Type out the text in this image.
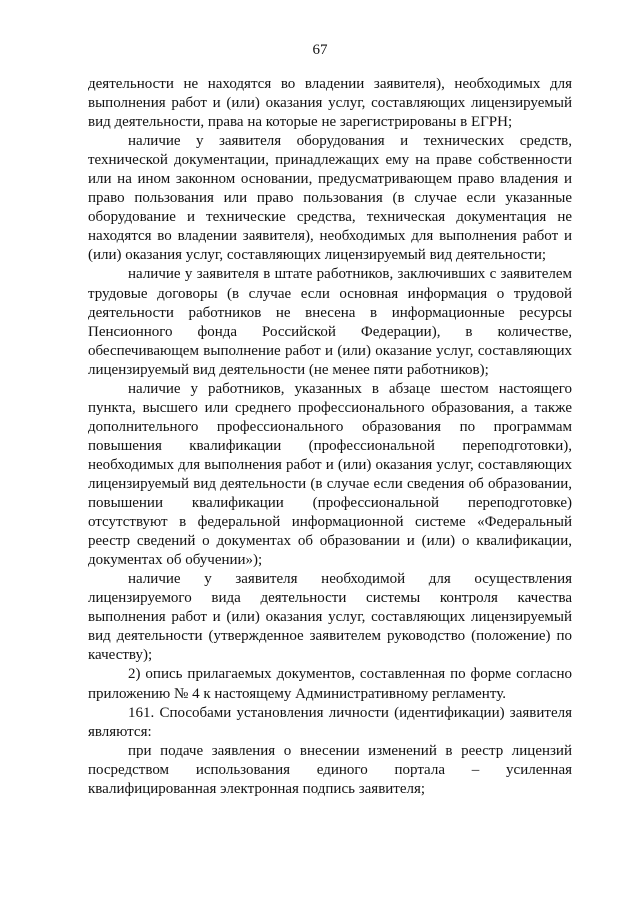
67

деятельности не находятся во владении заявителя), необходимых для выполнения работ и (или) оказания услуг, составляющих лицензируемый вид деятельности, права на которые не зарегистрированы в ЕГРН;

наличие у заявителя оборудования и технических средств, технической документации, принадлежащих ему на праве собственности или на ином законном основании, предусматривающем право владения и право пользования или право пользования (в случае если указанные оборудование и технические средства, техническая документация не находятся во владении заявителя), необходимых для выполнения работ и (или) оказания услуг, составляющих лицензируемый вид деятельности;

наличие у заявителя в штате работников, заключивших с заявителем трудовые договоры (в случае если основная информация о трудовой деятельности работников не внесена в информационные ресурсы Пенсионного фонда Российской Федерации), в количестве, обеспечивающем выполнение работ и (или) оказание услуг, составляющих лицензируемый вид деятельности (не менее пяти работников);

наличие у работников, указанных в абзаце шестом настоящего пункта, высшего или среднего профессионального образования, а также дополнительного профессионального образования по программам повышения квалификации (профессиональной переподготовки), необходимых для выполнения работ и (или) оказания услуг, составляющих лицензируемый вид деятельности (в случае если сведения об образовании, повышении квалификации (профессиональной переподготовке) отсутствуют в федеральной информационной системе «Федеральный реестр сведений о документах об образовании и (или) о квалификации, документах об обучении»);

наличие у заявителя необходимой для осуществления лицензируемого вида деятельности системы контроля качества выполнения работ и (или) оказания услуг, составляющих лицензируемый вид деятельности (утвержденное заявителем руководство (положение) по качеству);

2) опись прилагаемых документов, составленная по форме согласно приложению № 4 к настоящему Административному регламенту.

161. Способами установления личности (идентификации) заявителя являются:

при подаче заявления о внесении изменений в реестр лицензий посредством использования единого портала – усиленная квалифицированная электронная подпись заявителя;
